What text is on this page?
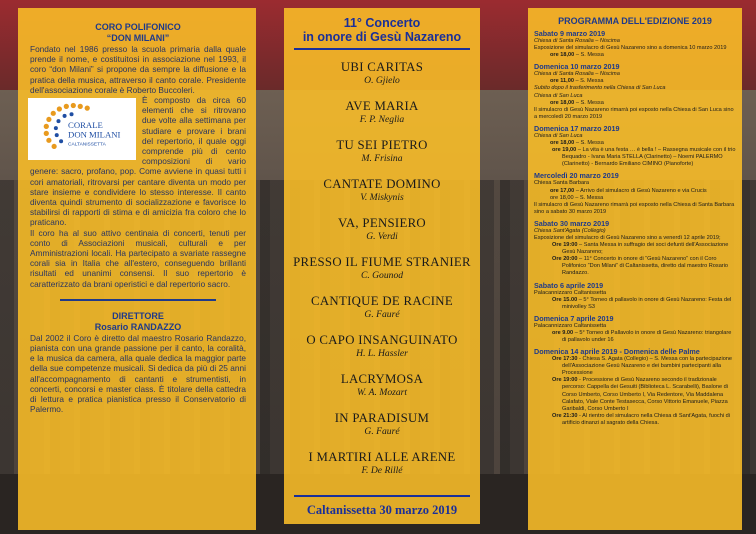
CORO POLIFONICO
“DON MILANI”

Fondato nel 1986 presso la scuola primaria dalla quale prende il nome, e costituitosi in associazione nel 1993, il coro “don Milani” si propone da sempre la diffusione e la pratica della musica, attraverso il canto corale. Presidente dell'associazione corale è Roberto Buccoleri.

CORALE
DON MILANI
CALTANISSETTA
È composto da circa 60 elementi che si ritrovano due volte alla settimana per studiare e provare i brani del repertorio, il quale oggi comprende più di cento composizioni di vario genere: sacro, profano, pop. Come avviene in quasi tutti i cori amatoriali, ritrovarsi per cantare diventa un modo per stare insieme e condividere lo stesso interesse. Il canto diventa quindi strumento di socializzazione e favorisce lo stabilirsi di rapporti di stima e di amicizia fra coloro che lo praticano.

Il coro ha al suo attivo centinaia di concerti, tenuti per conto di Associazioni musicali, culturali e per Amministrazioni locali. Ha partecipato a svariate rassegne corali sia in Italia che all'estero, conseguendo brillanti risultati ed unanimi consensi. Il suo repertorio è caratterizzato da brani operistici e dal repertorio sacro.

DIRETTORE
Rosario RANDAZZO

Dal 2002 il Coro è diretto dal maestro Rosario Randazzo, pianista con una grande passione per il canto, la coralità, e la musica da camera, alla quale dedica la maggior parte della sue competenze musicali. Si dedica da più di 25 anni all'accompagnamento di cantanti e strumentisti, in concerti, concorsi e master class. È titolare della cattedra di lettura e pratica pianistica presso il Conservatorio di Palermo.

11° Concerto
in onore di Gesù Nazareno
UBI CARITAS
O. Gjielo
AVE MARIA
F. P. Neglia
TU SEI PIETRO
M. Frisina
CANTATE DOMINO
V. Miskynis
VA, PENSIERO
G. Verdi
PRESSO IL FIUME STRANIER
C. Gounod
CANTIQUE DE RACINE
G. Fauré
O CAPO INSANGUINATO
H. L. Hassler
LACRYMOSA
W. A. Mozart
IN PARADISUM
G. Fauré
I MARTIRI ALLE ARENE
F. De Rillé
Caltanissetta 30 marzo 2019
PROGRAMMA DELL'EDIZIONE 2019
Sabato 9 marzo 2019
Chiesa di Santa Rosalia – Niscima
Esposizione del simulacro di Gesù Nazareno sino a domenica 10 marzo 2019
ore 18,00 – S. Messa
Domenica 10 marzo 2019
Chiesa di Santa Rosalia – Niscima
ore 11,00 – S. Messa
Subito dopo il trasferimento nella Chiesa di San Luca
Chiesa di San Luca
ore 18,00 – S. Messa
Il simulacro di Gesù Nazareno rimarrà poi esposto nella Chiesa di San Luca sino a mercoledì 20 marzo 2019
Domenica 17 marzo 2019
Chiesa di San Luca
ore 18,00 – S. Messa
ore 19,00 – La vita è una festa … è bella ! – Rassegna musicale con il trio Bequadro - Ivana Maria STELLA (Clarinetto) – Noemi PALERMO (Clarinetto) - Bernardo Emiliano CIMINO (Pianoforte)
Mercoledì 20 marzo 2019
Chiesa Santa Barbara
ore 17,00 – Arrivo del simulacro di Gesù Nazareno e via Crucis
ore 18,00 – S. Messa
Il simulacro di Gesù Nazareno rimarrà poi esposto nella Chiesa di Santa Barbara sino a sabato 30 marzo 2019
Sabato 30 marzo 2019
Chiesa Sant'Agata (Collegio)
Esposizione del simulacro di Gesù Nazareno sino a venerdì 12 aprile 2019;
Ore 19:00 – Santa Messa in suffragio dei soci defunti dell'Associazione Gesù Nazareno;
Ore 20:00 – 11° Concerto in onore di “Gesù Nazareno” con il Coro Polifonico “Don Milani” di Caltanissetta, diretto dal maestro Rosario Randazzo.
Sabato 6 aprile 2019
Palacannizzaro Caltanissetta
Ore 15.00 – 5° Torneo di pallavolo in onore di Gesù Nazareno: Festa del minivolley S3
Domenica 7 aprile 2019
Palacannizzaro Caltanissetta
ore 9.00 – 5° Torneo di Pallavolo in onore di Gesù Nazareno: triangolare di pallavolo under 16
Domenica 14 aprile 2019 - Domenica delle Palme
Ore 17:30 - Chiesa S. Agata (Collegio) – S. Messa con la partecipazione dell'Associazione Gesù Nazareno e dei bambini partecipanti alla Processione
Ore 19:00 - Processione di Gesù Nazareno secondo il tradizionale percorso: Cappella dei Gesuiti (Biblioteca L. Scarabelli), Baslone di Corso Umberto, Corso Umberto I, Via Redentore, Via Maddalena Calafato, Viale Conte Testasecca, Corso Vittorio Emanuele, Piazza Garibaldi, Corso Umberto I
Ore 21:30 - Al rientro del simulacro nella Chiesa di Sant'Agata, fuochi di artificio dinanzi al sagrato della Chiesa.
